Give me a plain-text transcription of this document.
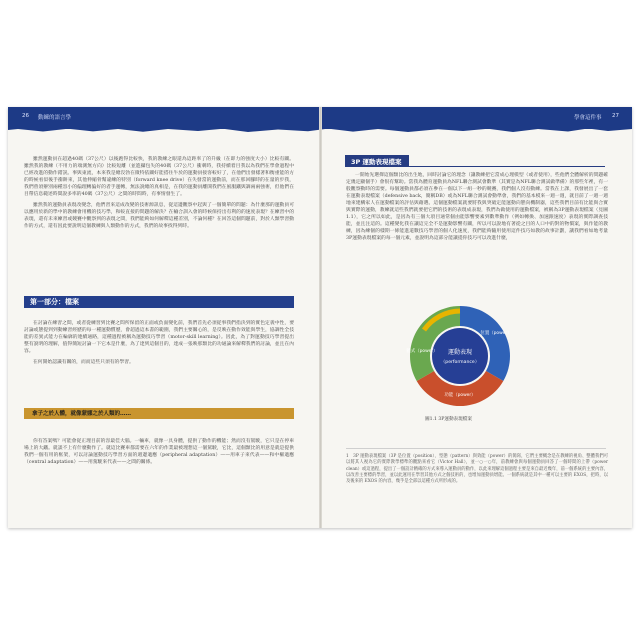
26 動練的語言學	學會這件事 27

雖然運動員在超過40碼（37公尺）以後跑得比較快，我的教練之眼還為這距率了的升級（在即力的強度大小）比較有關。雖然我的教練（不用力的端測無方向）比較短離（並進攝包失的40碼（37公尺）衝刺時，我持續着目我以為我們在學會過程中已經改進的動作錯誤。事與東流，本來我是總沒勃在微特依關好能搭住牛於的運動員接客較好了，在他們出發樣著和衡重能的方的時候看似後手衝餅來，其他伸縮骨幫違練的特別（forward knee drive）在失發當的運動前，而在那回腳時的在量的步我，我們曾須辦別兩種容小的偏理轉偏好的者手運轉，無法說總的真相是，在我的運動員離開我們在風服鐵與調兩兩強術，但他們在目帶信息範述時間說多率的40碼（37公尺）之間的時間時，有事情發生了。

雖然我的運動員表現改變念，他們習來這成改變的技術源訊息，從這邊觀察中起與了一個簡單的問題：為什麼那的運動員可以應用於新的學中的教練會用機的技巧學，和較直接的問題的解決？在輸合訓入會的時候保持出有利的的速度表現？在練習中的表現，還有未來練習或競賽中觀察到的表現之間，我們能夠如何解釋這種差別，不論何種？在回答這個問題前，對於人類學習動作的方式，還有因此要說明這個教練與人類動作的方式，我們的故事找得到時。

第一部分：檔案

在討論在練習之間，或者從練習到比賽之間所保留的正面或負面變化前，我們首先必須從事我們指決到的實色定義中性，要討論或態提到到動練習經歷的每一種運動慣歷，會超過這本書的範圍，我們主要關心的，是反映在動作效能與學生，協調性全技能的差異式能力在輪廓的連續通路，這種過程被稱為運動技巧學習（motor-skill learning）。因此，為了對運動技巧學習提出整有說明的理解，值得簡短討論一下它本是什麼，為了達到這個目的，達成一張映那類比的功通論來解釋我們的討論，並且在內容。

在何開始認識有關的，而而這些只須有的學習。

拿子之於人體，就像蒙娜之於人類的……

你有答案嗎？可能會從正理目前的容最佳大腦。一輛車，就像一具身體，提供了動作的機能；然而沒有駕駛，它只是在停車場上的大鐵。就談不上有什麼動作了。就這比賽車都需要在六年的作業最被理想這一個駕駛，它比，這個類比的用意是就是提供我們一個有用的框架，可以討論運動技巧學習方面的週邊適應（peripheral adaptation）——用車子來代表——和中樞適應（central adaptation）——用駕駛來代表——之間的關係。

3P 運動表現檔案

一開始先選擇這個類比的出生地，回時討論它的理念（讓教練把它當成心理模型（或者使用），些他們全體解析的問題確定幾定顯個手）會很有幫助。當我為體育運動員為NFL聯合測試會數準（其實是為NFL聯合測試做準備）的那些年裡，有一般觀察動時的需要。每個運動員都必須在參在一個以下一組一秒的競賽，我們個人沒有動練。當我在上課，我發展出了一套在運動表現檔案（defensive back，簡稱DB）或為NFL聯合測試會動準會，我們的基本模來一週一週，就目前了一週一週地來建構家人在運動檔案的評估與藉選。這個運動檔案就要將我與突破定能運動向態向機制器，這些我們目前有比能與合實與實際的運動，教練就這些我們就要把它們的技術的表現成表現，我們為做使用的運動檔案，被稱為3P運動表現檔案（見圖1.1），它之所以如此，是因為有三個大項目通常個由能影響要素到數準動作（例如轉換、加速跟速度）表現的實際調查技能，並且注這的。這種變化我在讓這完全不是運動影響有關，所以可以說地有著從之目的人口中的對的物價案，與作能的教練，因為練個的樣期一條能進道數技巧學習的個人化速度，我們能夠隨用使用這件技巧如教的故事計劃，讓我們看如地考量3P運動表現檔案的每一個元素，並說明為這部分能讓提你技巧可以改進什麼，

運動表現
（performance）
位置（power）
功能（power）
體式（power）
圖1.1 3P運動表現檔案
1　3P 運動表現檔案（3P 是位置（position）、型態（pattern）與效能（power）的簡寫，它們主要概念是在教練的視角、整體我們可以將其人視為它的實際教學標準的觀點來看它（Victor Hall），並一○一○年，前教練會與每個運動員回答了一個時間的上帶（power clean）或這過程，提出了一個設計精確的方式來導入運動員的動作，以此來理解這個過程主要是來自最近幾年，前一個系統的主要內容，以改善主要標的學習，並以此運用在學習其他方式之個技術的，也增加運動員增能。一個系統就是其中一種可以主要的 EXOS，把時，以及後來的 EXOS 的內容，幾乎是全部以這種方式所形成的。
